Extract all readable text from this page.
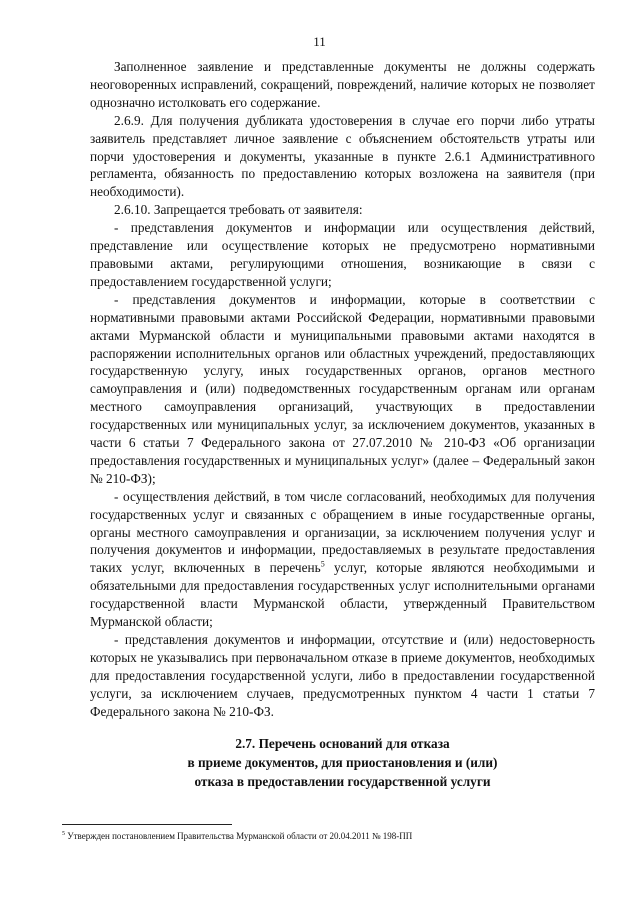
11

Заполненное заявление и представленные документы не должны содержать неоговоренных исправлений, сокращений, повреждений, наличие которых не позволяет однозначно истолковать его содержание.

2.6.9. Для получения дубликата удостоверения в случае его порчи либо утраты заявитель представляет личное заявление с объяснением обстоятельств утраты или порчи удостоверения и документы, указанные в пункте 2.6.1 Административного регламента, обязанность по предоставлению которых возложена на заявителя (при необходимости).

2.6.10. Запрещается требовать от заявителя:

- представления документов и информации или осуществления действий, представление или осуществление которых не предусмотрено нормативными правовыми актами, регулирующими отношения, возникающие в связи с предоставлением государственной услуги;

- представления документов и информации, которые в соответствии с нормативными правовыми актами Российской Федерации, нормативными правовыми актами Мурманской области и муниципальными правовыми актами находятся в распоряжении исполнительных органов или областных учреждений, предоставляющих государственную услугу, иных государственных органов, органов местного самоуправления и (или) подведомственных государственным органам или органам местного самоуправления организаций, участвующих в предоставлении государственных или муниципальных услуг, за исключением документов, указанных в части 6 статьи 7 Федерального закона от 27.07.2010 № 210-ФЗ «Об организации предоставления государственных и муниципальных услуг» (далее – Федеральный закон № 210-ФЗ);

- осуществления действий, в том числе согласований, необходимых для получения государственных услуг и связанных с обращением в иные государственные органы, органы местного самоуправления и организации, за исключением получения услуг и получения документов и информации, предоставляемых в результате предоставления таких услуг, включенных в перечень$^5$ услуг, которые являются необходимыми и обязательными для предоставления государственных услуг исполнительными органами государственной власти Мурманской области, утвержденный Правительством Мурманской области;

- представления документов и информации, отсутствие и (или) недостоверность которых не указывались при первоначальном отказе в приеме документов, необходимых для предоставления государственной услуги, либо в предоставлении государственной услуги, за исключением случаев, предусмотренных пунктом 4 части 1 статьи 7 Федерального закона № 210-ФЗ.

2.7. Перечень оснований для отказа
в приеме документов, для приостановления и (или)
отказа в предоставлении государственной услуги
$^5$ Утвержден постановлением Правительства Мурманской области от 20.04.2011 № 198-ПП
